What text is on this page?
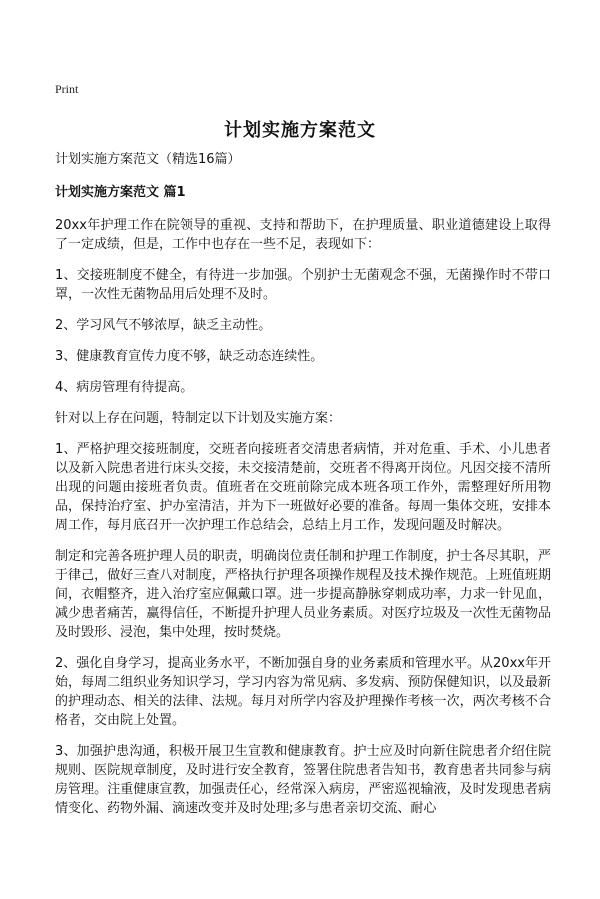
Print
计划实施方案范文

计划实施方案范文（精选16篇）

计划实施方案范文 篇1

20xx年护理工作在院领导的重视、支持和帮助下，在护理质量、职业道德建设上取得了一定成绩，但是，工作中也存在一些不足，表现如下：

1、交接班制度不健全，有待进一步加强。个别护士无菌观念不强，无菌操作时不带口罩，一次性无菌物品用后处理不及时。

2、学习风气不够浓厚，缺乏主动性。

3、健康教育宣传力度不够，缺乏动态连续性。

4、病房管理有待提高。

针对以上存在问题，特制定以下计划及实施方案：

1、严格护理交接班制度，交班者向接班者交清患者病情，并对危重、手术、小儿患者以及新入院患者进行床头交接，未交接清楚前，交班者不得离开岗位。凡因交接不清所出现的问题由接班者负责。值班者在交班前除完成本班各项工作外，需整理好所用物品，保持治疗室、护办室清洁，并为下一班做好必要的准备。每周一集体交班，安排本周工作，每月底召开一次护理工作总结会，总结上月工作，发现问题及时解决。

制定和完善各班护理人员的职责，明确岗位责任制和护理工作制度，护士各尽其职，严于律己，做好三查八对制度，严格执行护理各项操作规程及技术操作规范。上班值班期间，衣帽整齐，进入治疗室应佩戴口罩。进一步提高静脉穿刺成功率，力求一针见血，减少患者痛苦，赢得信任，不断提升护理人员业务素质。对医疗垃圾及一次性无菌物品及时毁形、浸泡，集中处理，按时焚烧。

2、强化自身学习，提高业务水平，不断加强自身的业务素质和管理水平。从20xx年开始，每周二组织业务知识学习，学习内容为常见病、多发病、预防保健知识，以及最新的护理动态、相关的法律、法规。每月对所学内容及护理操作考核一次，两次考核不合格者，交由院上处置。

3、加强护患沟通，积极开展卫生宣教和健康教育。护士应及时向新住院患者介绍住院规则、医院规章制度，及时进行安全教育，签署住院患者告知书，教育患者共同参与病房管理。注重健康宣教，加强责任心，经常深入病房，严密巡视输液，及时发现患者病情变化、药物外漏、滴速改变并及时处理;多与患者亲切交流、耐心
